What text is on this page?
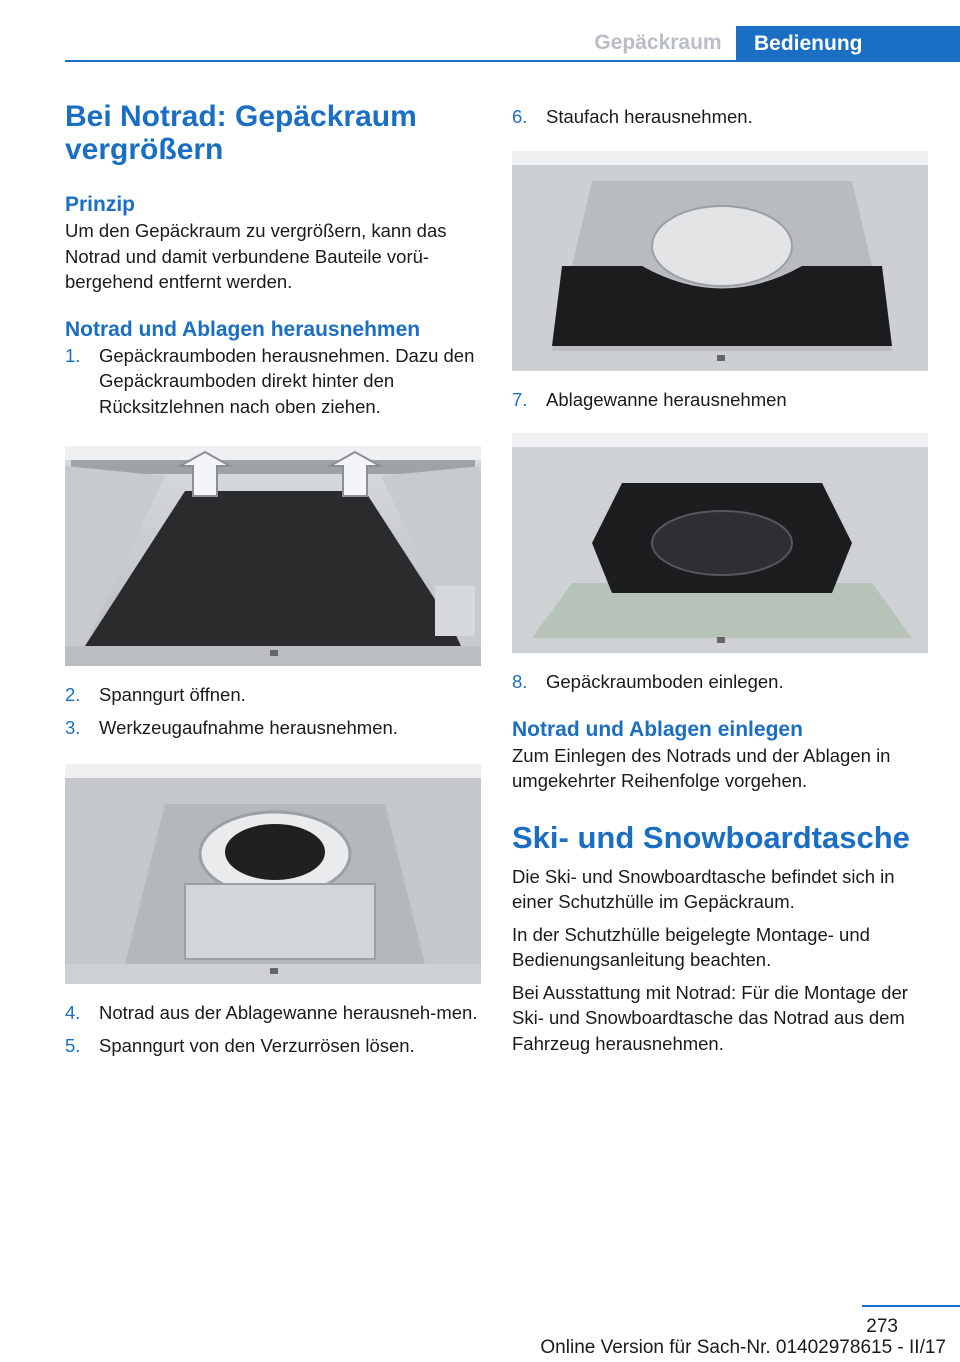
Gepäckraum	Bedienung
Bei Notrad: Gepäckraum vergrößern
Prinzip

Um den Gepäckraum zu vergrößern, kann das Notrad und damit verbundene Bauteile vorü-bergehend entfernt werden.

Notrad und Ablagen herausnehmen
1. Gepäckraumboden herausnehmen. Dazu den Gepäckraumboden direkt hinter den Rücksitzlehnen nach oben ziehen.
2. Spanngurt öffnen.
3. Werkzeugaufnahme herausnehmen.
4. Notrad aus der Ablagewanne herausneh-men.
5. Spanngurt von den Verzurrösen lösen.
6. Staufach herausnehmen.
7. Ablagewanne herausnehmen
8. Gepäckraumboden einlegen.
Notrad und Ablagen einlegen

Zum Einlegen des Notrads und der Ablagen in umgekehrter Reihenfolge vorgehen.

Ski- und Snowboardtasche

Die Ski- und Snowboardtasche befindet sich in einer Schutzhülle im Gepäckraum.

In der Schutzhülle beigelegte Montage- und Bedienungsanleitung beachten.

Bei Ausstattung mit Notrad: Für die Montage der Ski- und Snowboardtasche das Notrad aus dem Fahrzeug herausnehmen.

273
Online Version für Sach-Nr. 01402978615 - II/17
